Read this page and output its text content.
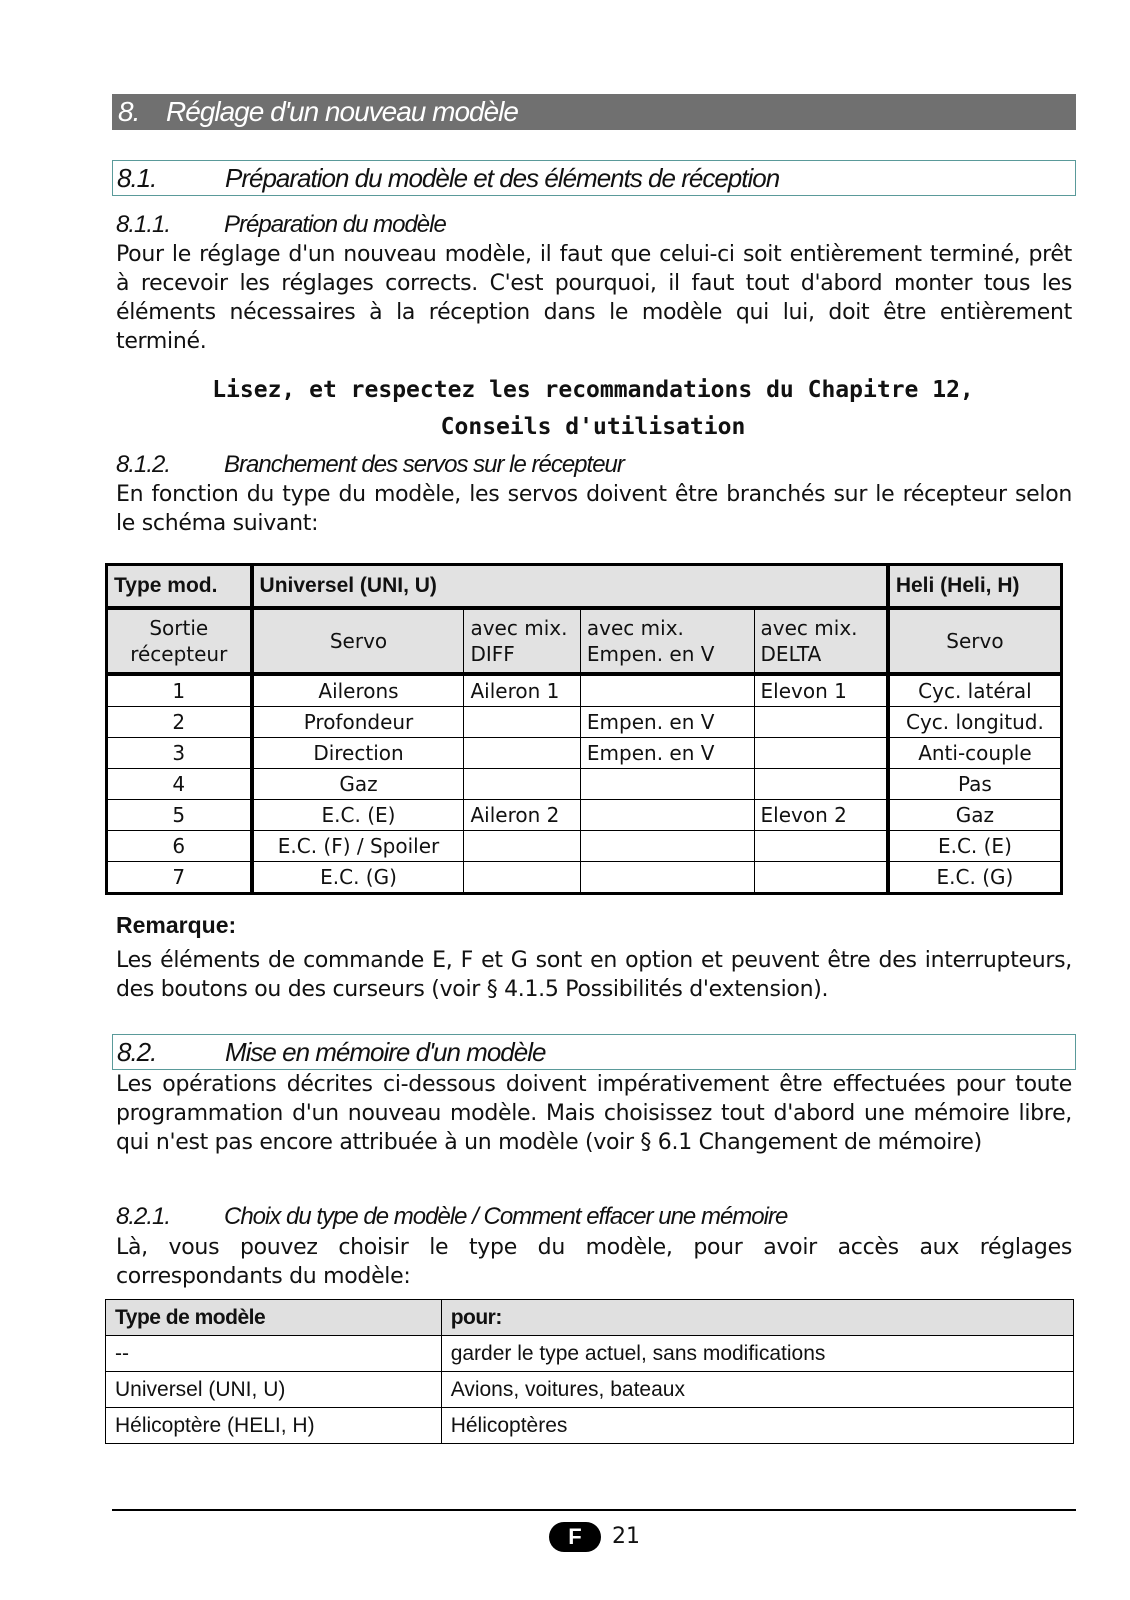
8. Réglage d'un nouveau modèle
8.1.	Préparation du modèle et des éléments de réception
8.1.1. Préparation du modèle

Pour le réglage d'un nouveau modèle, il faut que celui-ci soit entièrement terminé, prêt à recevoir les réglages corrects. C'est pourquoi, il faut tout d'abord monter tous les éléments nécessaires à la réception dans le modèle qui lui, doit être entièrement terminé.

Lisez, et respectez les recommandations du Chapitre 12,
Conseils d'utilisation
8.1.2. Branchement des servos sur le récepteur

En fonction du type du modèle, les servos doivent être branchés sur le récepteur selon le schéma suivant:

Type mod.	Universel (UNI, U)				Heli (Heli, H)
Sortie récepteur	Servo	avec mix. DIFF	avec mix. Empen. en V	avec mix. DELTA	Servo
1	Ailerons	Aileron 1		Elevon 1	Cyc. latéral
2	Profondeur		Empen. en V		Cyc. longitud.
3	Direction		Empen. en V		Anti-couple
4	Gaz				Pas
5	E.C. (E)	Aileron 2		Elevon 2	Gaz
6	E.C. (F) / Spoiler				E.C. (E)
7	E.C. (G)				E.C. (G)
Remarque:

Les éléments de commande E, F et G sont en option et peuvent être des interrupteurs, des boutons ou des curseurs (voir § 4.1.5 Possibilités d'extension).

8.2.	Mise en mémoire d'un modèle

Les opérations décrites ci-dessous doivent impérativement être effectuées pour toute programmation d'un nouveau modèle. Mais choisissez tout d'abord une mémoire libre, qui n'est pas encore attribuée à un modèle (voir § 6.1 Changement de mémoire)

8.2.1. Choix du type de modèle / Comment effacer une mémoire

Là, vous pouvez choisir le type du modèle, pour avoir accès aux réglages correspondants du modèle:

Type de modèle	pour:
--	garder le type actuel, sans modifications
Universel (UNI, U)	Avions, voitures, bateaux
Hélicoptère (HELI, H)	Hélicoptères
F	21
